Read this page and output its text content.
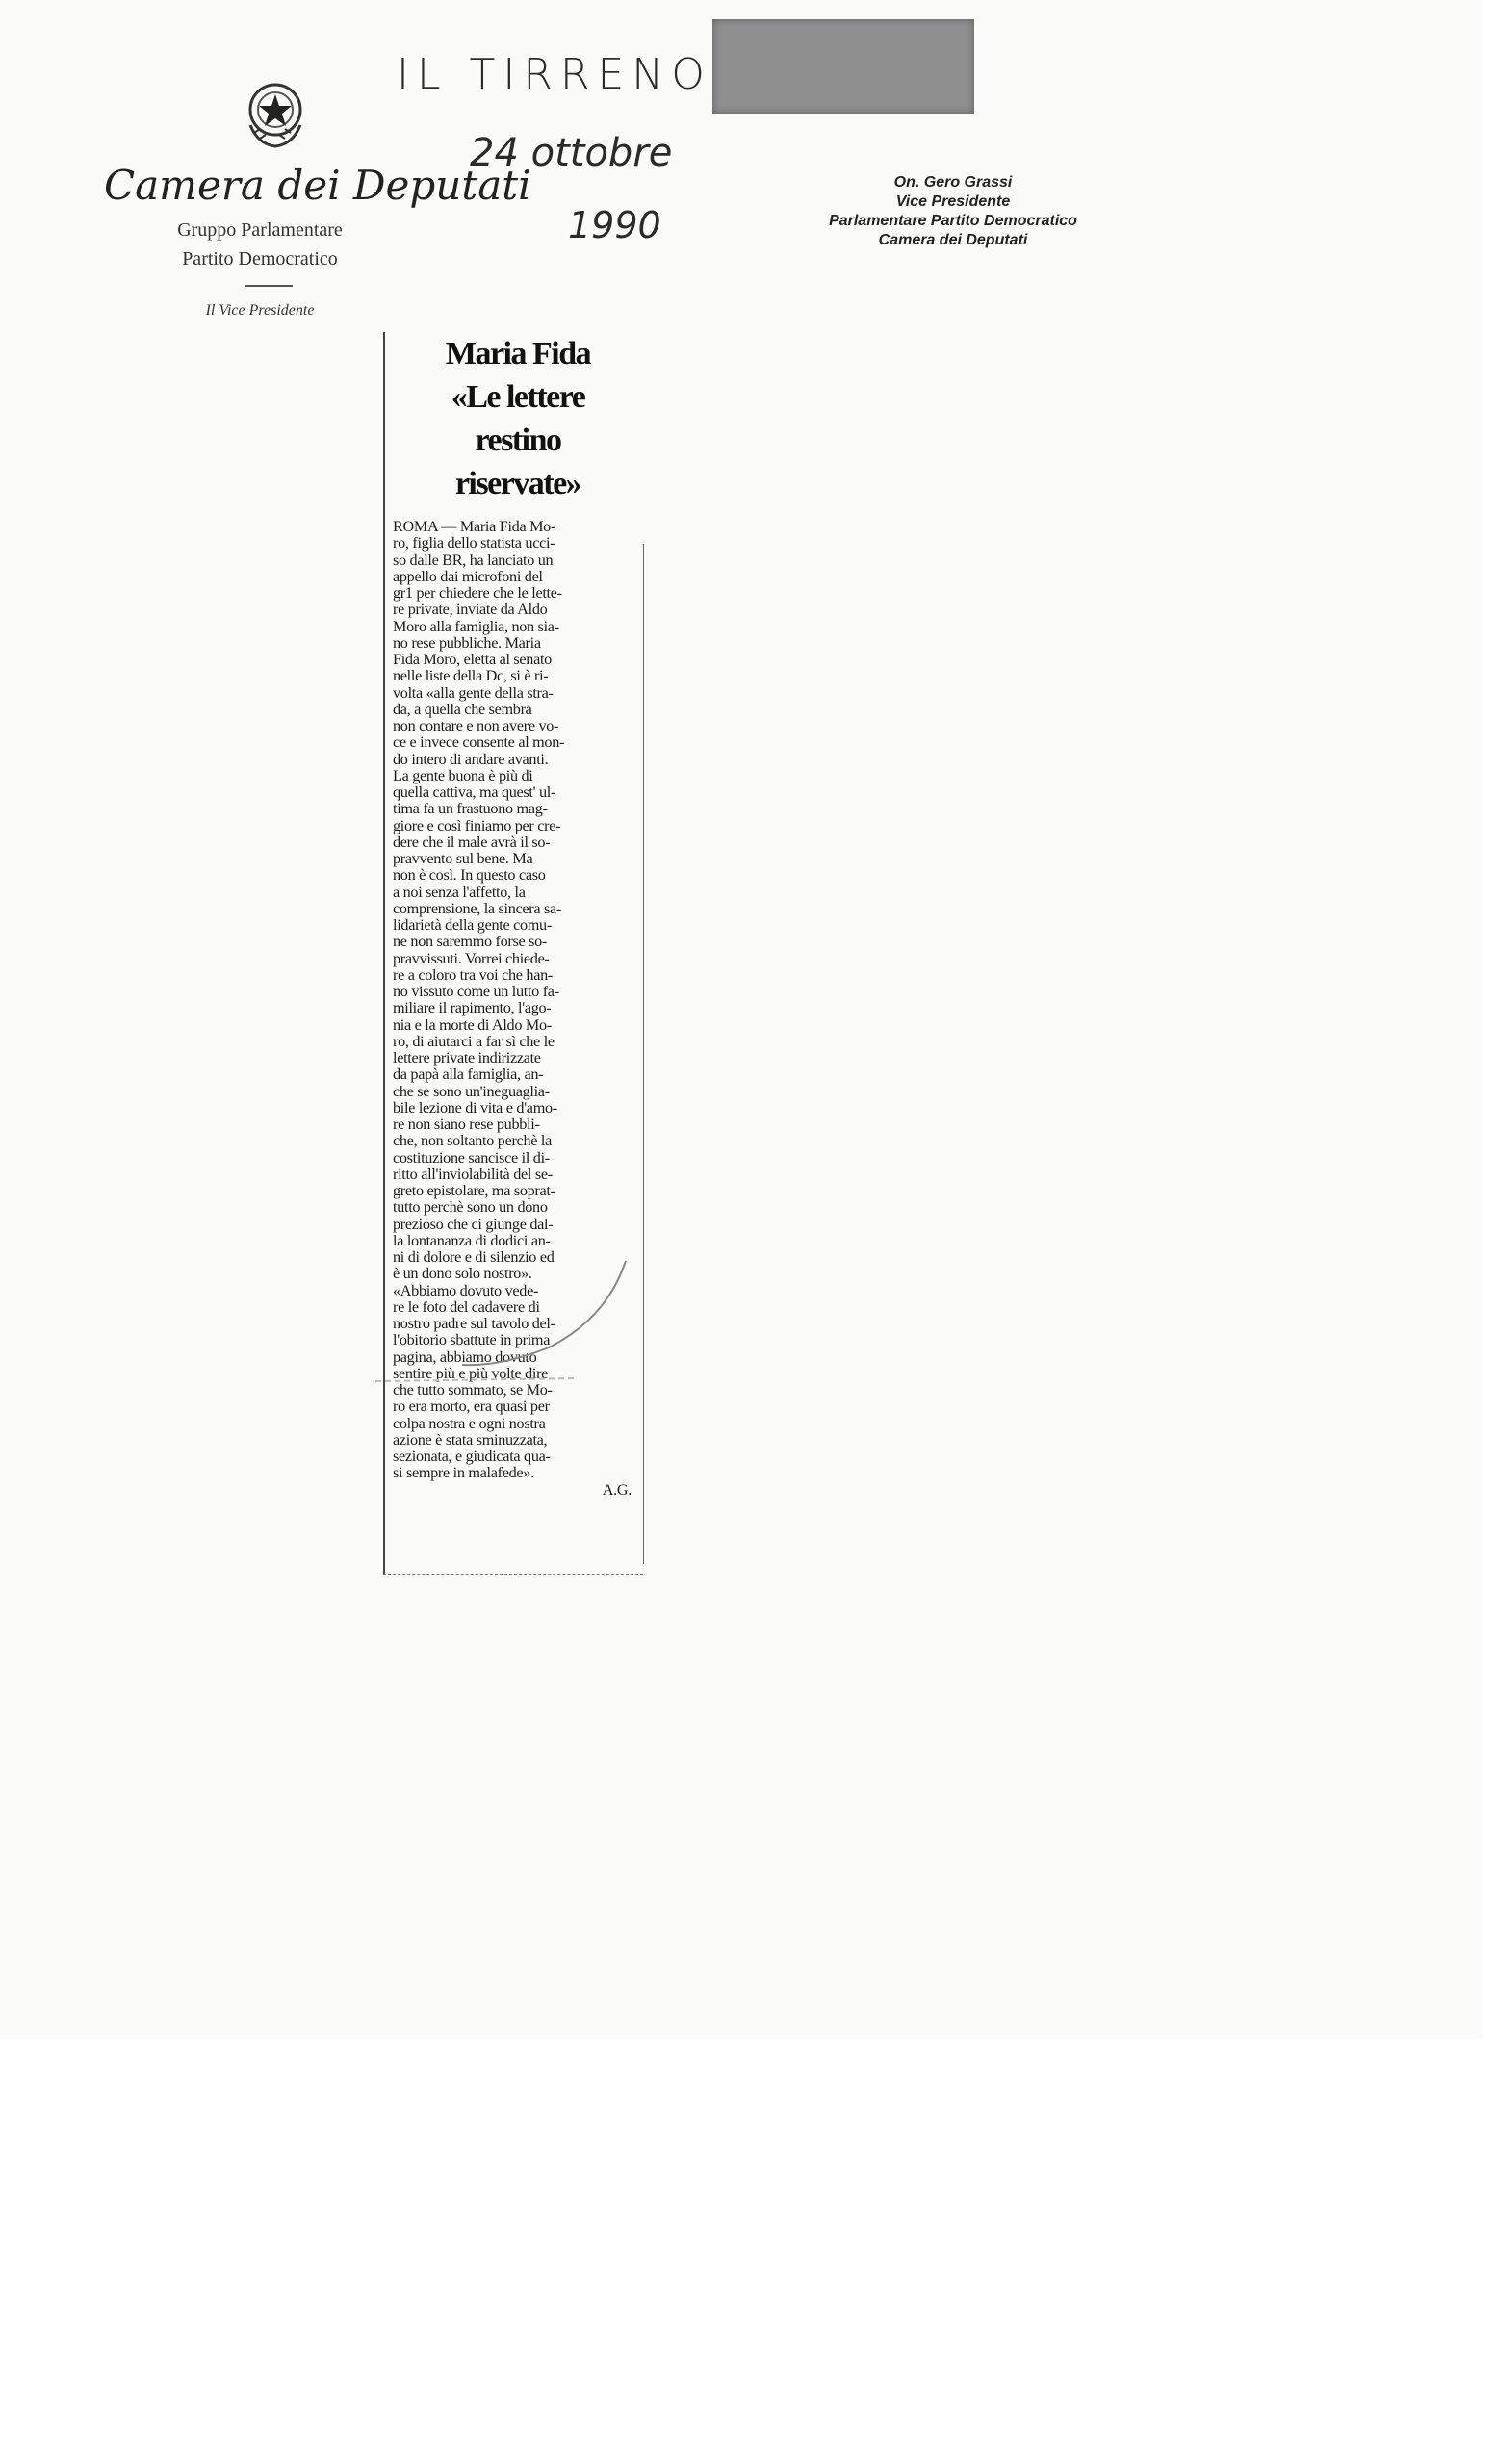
Camera dei Deputati
Gruppo Parlamentare
Partito Democratico
Il Vice Presidente
IL TIRRENO
24 ottobre
1990
On. Gero Grassi
Vice Presidente
Parlamentare Partito Democratico
Camera dei Deputati
Maria Fida
«Le lettere
restino
riservate»
ROMA — Maria Fida Mo-
ro, figlia dello statista ucci-
so dalle BR, ha lanciato un
appello dai microfoni del
gr1 per chiedere che le lette-
re private, inviate da Aldo
Moro alla famiglia, non sia-
no rese pubbliche. Maria
Fida Moro, eletta al senato
nelle liste della Dc, si è ri-
volta «alla gente della stra-
da, a quella che sembra
non contare e non avere vo-
ce e invece consente al mon-
do intero di andare avanti.
La gente buona è più di
quella cattiva, ma quest' ul-
tima fa un frastuono mag-
giore e così finiamo per cre-
dere che il male avrà il so-
pravvento sul bene. Ma
non è così. In questo caso
a noi senza l'affetto, la
comprensione, la sincera sa-
lidarietà della gente comu-
ne non saremmo forse so-
pravvissuti. Vorrei chiede-
re a coloro tra voi che han-
no vissuto come un lutto fa-
miliare il rapimento, l'ago-
nia e la morte di Aldo Mo-
ro, di aiutarci a far sì che le
lettere private indirizzate
da papà alla famiglia, an-
che se sono un'ineguaglia-
bile lezione di vita e d'amo-
re non siano rese pubbli-
che, non soltanto perchè la
costituzione sancisce il di-
ritto all'inviolabilità del se-
greto epistolare, ma soprat-
tutto perchè sono un dono
prezioso che ci giunge dal-
la lontananza di dodici an-
ni di dolore e di silenzio ed
è un dono solo nostro».
«Abbiamo dovuto vede-
re le foto del cadavere di
nostro padre sul tavolo del-
l'obitorio sbattute in prima
pagina, abbiamo dovuto
sentire più e più volte dire
che tutto sommato, se Mo-
ro era morto, era quasi per
colpa nostra e ogni nostra
azione è stata sminuzzata,
sezionata, e giudicata qua-
si sempre in malafede».
A.G.
